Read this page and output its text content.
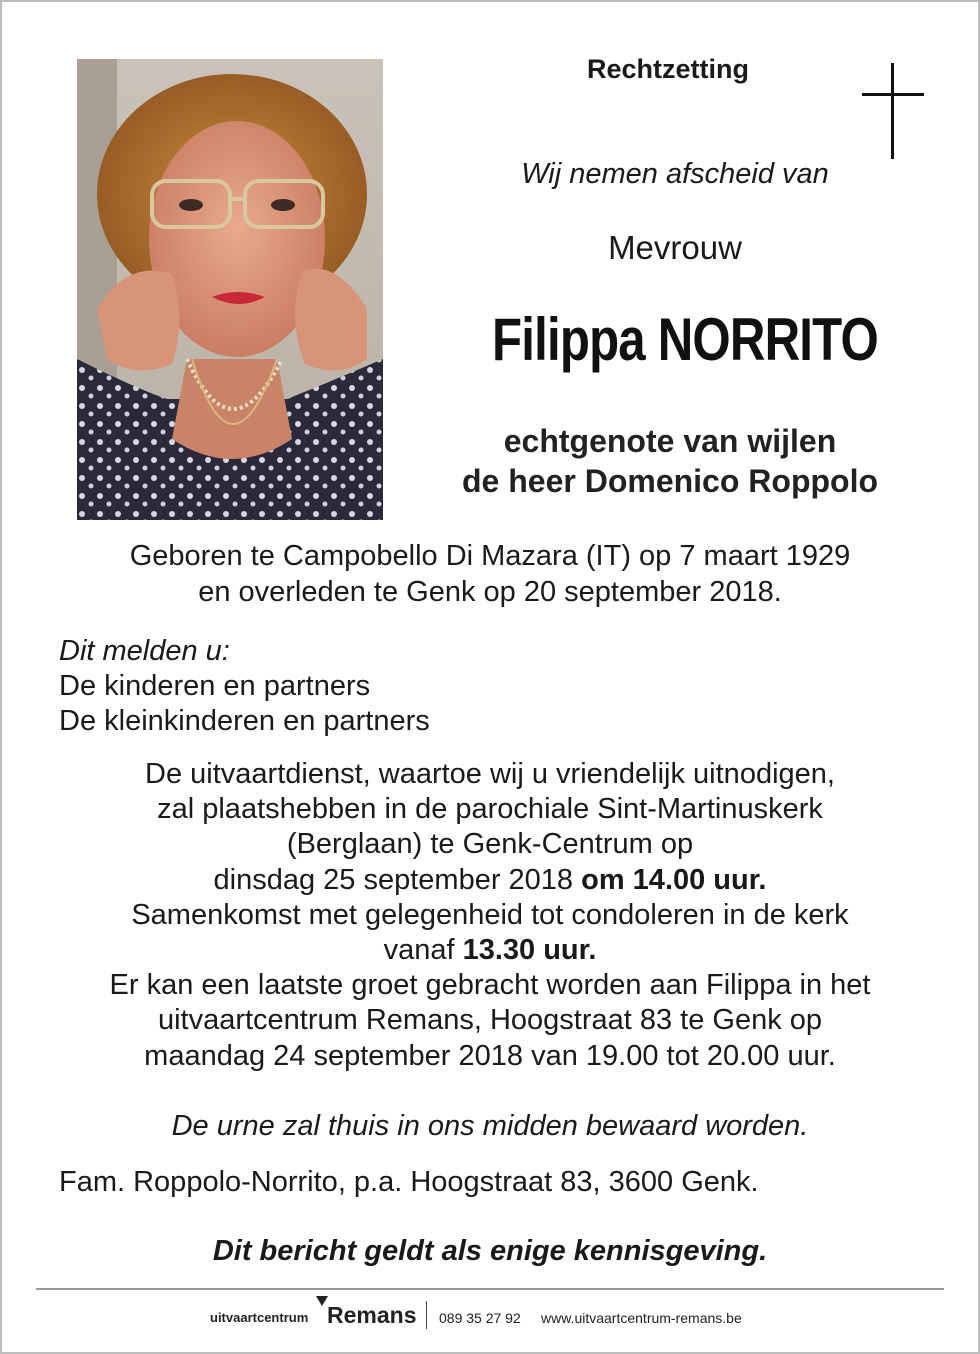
Rechtzetting
Wij nemen afscheid van
Mevrouw
Filippa NORRITO
echtgenote van wijlen
de heer Domenico Roppolo
Geboren te Campobello Di Mazara (IT) op 7 maart 1929
en overleden te Genk op 20 september 2018.
Dit melden u:
De kinderen en partners
De kleinkinderen en partners
De uitvaartdienst, waartoe wij u vriendelijk uitnodigen,
zal plaatshebben in de parochiale Sint-Martinuskerk
(Berglaan) te Genk-Centrum op
dinsdag 25 september 2018 om 14.00 uur.
Samenkomst met gelegenheid tot condoleren in de kerk
vanaf 13.30 uur.
Er kan een laatste groet gebracht worden aan Filippa in het
uitvaartcentrum Remans, Hoogstraat 83 te Genk op
maandag 24 september 2018 van 19.00 tot 20.00 uur.
De urne zal thuis in ons midden bewaard worden.
Fam. Roppolo-Norrito, p.a. Hoogstraat 83, 3600 Genk.
Dit bericht geldt als enige kennisgeving.
uitvaartcentrum Remans 089 35 27 92 www.uitvaartcentrum-remans.be
